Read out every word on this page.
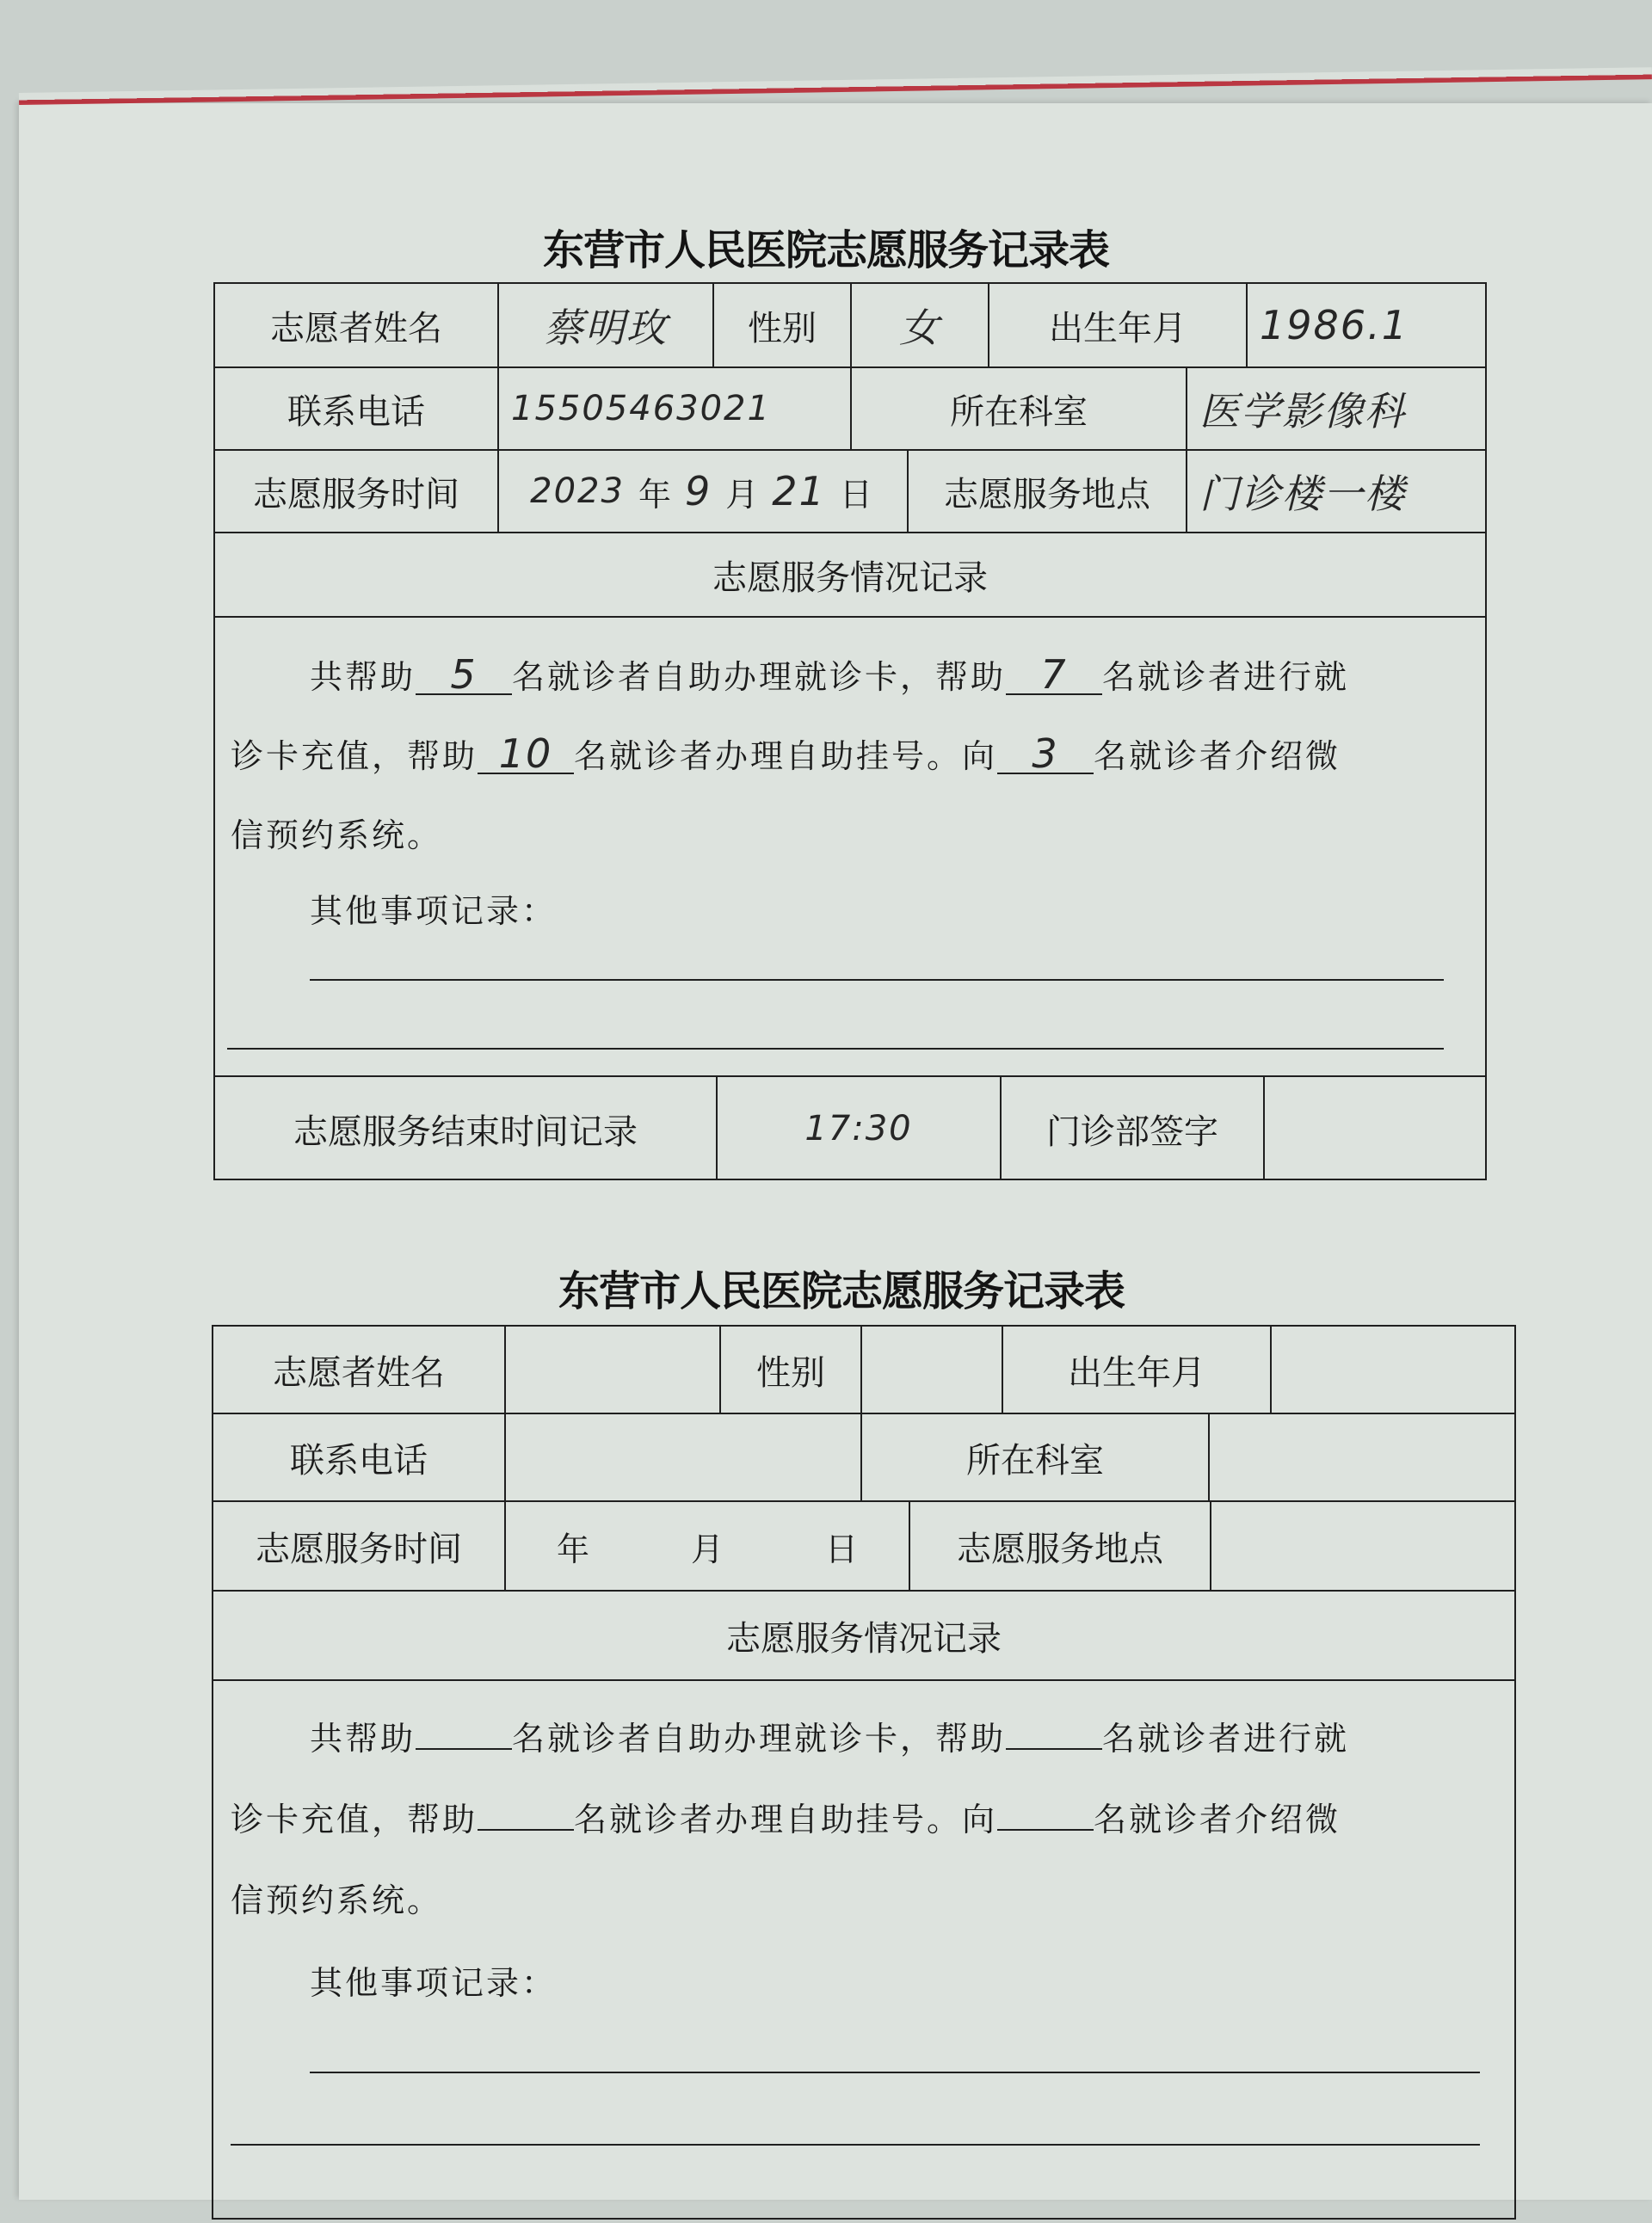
东营市人民医院志愿服务记录表
志愿者姓名	蔡明玫	性别	女	出生年月	1986.1
联系电话	15505463021	所在科室	医学影像科
志愿服务时间	2023 年 9 月 21 日	志愿服务地点	门诊楼一楼
志愿服务情况记录
共帮助 5 名就诊者自助办理就诊卡，帮助 7 名就诊者进行就
诊卡充值，帮助 10 名就诊者办理自助挂号。向 3 名就诊者介绍微
信预约系统。
其他事项记录：
志愿服务结束时间记录	17:30	门诊部签字
东营市人民医院志愿服务记录表
志愿者姓名	性别	出生年月
联系电话	所在科室
志愿服务时间	年	月	日	志愿服务地点
志愿服务情况记录
共帮助	名就诊者自助办理就诊卡，帮助	名就诊者进行就
诊卡充值，帮助	名就诊者办理自助挂号。向	名就诊者介绍微
信预约系统。
其他事项记录：
